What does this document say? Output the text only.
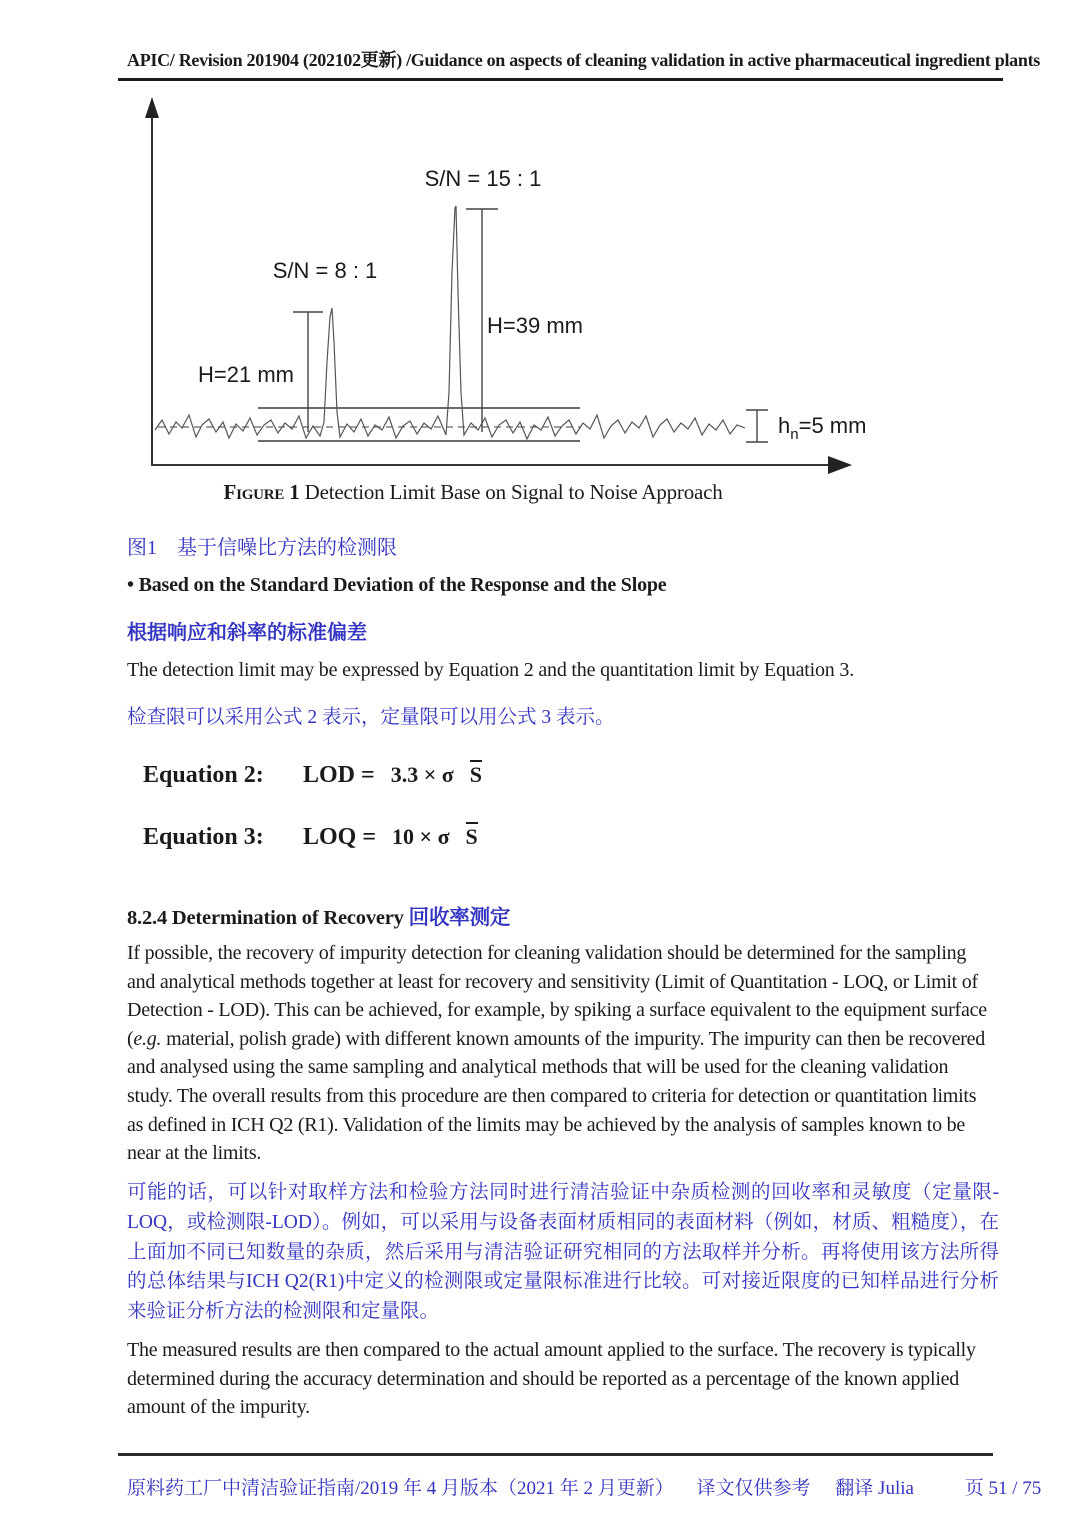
APIC/ Revision 201904 (202102更新) /Guidance on aspects of cleaning validation in active pharmaceutical ingredient plants
S/N = 15 : 1
S/N = 8 : 1
H=39 mm
H=21 mm
$h_n=5$ mm
Figure 1 Detection Limit Base on Signal to Noise Approach
图1　基于信噪比方法的检测限
• Based on the Standard Deviation of the Response and the Slope
根据响应和斜率的标准偏差
The detection limit may be expressed by Equation 2 and the quantitation limit by Equation 3.
检查限可以采用公式 2 表示，定量限可以用公式 3 表示。
Equation 2:	LOD = 3.3 × σ S
Equation 3:	LOQ = 10 × σ S
8.2.4 Determination of Recovery 回收率测定
If possible, the recovery of impurity detection for cleaning validation should be determined for the sampling and analytical methods together at least for recovery and sensitivity (Limit of Quantitation - LOQ, or Limit of Detection - LOD). This can be achieved, for example, by spiking a surface equivalent to the equipment surface (e.g. material, polish grade) with different known amounts of the impurity. The impurity can then be recovered and analysed using the same sampling and analytical methods that will be used for the cleaning validation study. The overall results from this procedure are then compared to criteria for detection or quantitation limits as defined in ICH Q2 (R1). Validation of the limits may be achieved by the analysis of samples known to be near at the limits.
可能的话，可以针对取样方法和检验方法同时进行清洁验证中杂质检测的回收率和灵敏度（定量限-LOQ，或检测限-LOD）。例如，可以采用与设备表面材质相同的表面材料（例如，材质、粗糙度），在上面加不同已知数量的杂质，然后采用与清洁验证研究相同的方法取样并分析。再将使用该方法所得的总体结果与ICH Q2(R1)中定义的检测限或定量限标准进行比较。可对接近限度的已知样品进行分析来验证分析方法的检测限和定量限。
The measured results are then compared to the actual amount applied to the surface. The recovery is typically determined during the accuracy determination and should be reported as a percentage of the known applied amount of the impurity.
原料药工厂中清洁验证指南/2019 年 4 月版本（2021 年 2 月更新） 译文仅供参考 翻译 Julia	页 51 / 75
